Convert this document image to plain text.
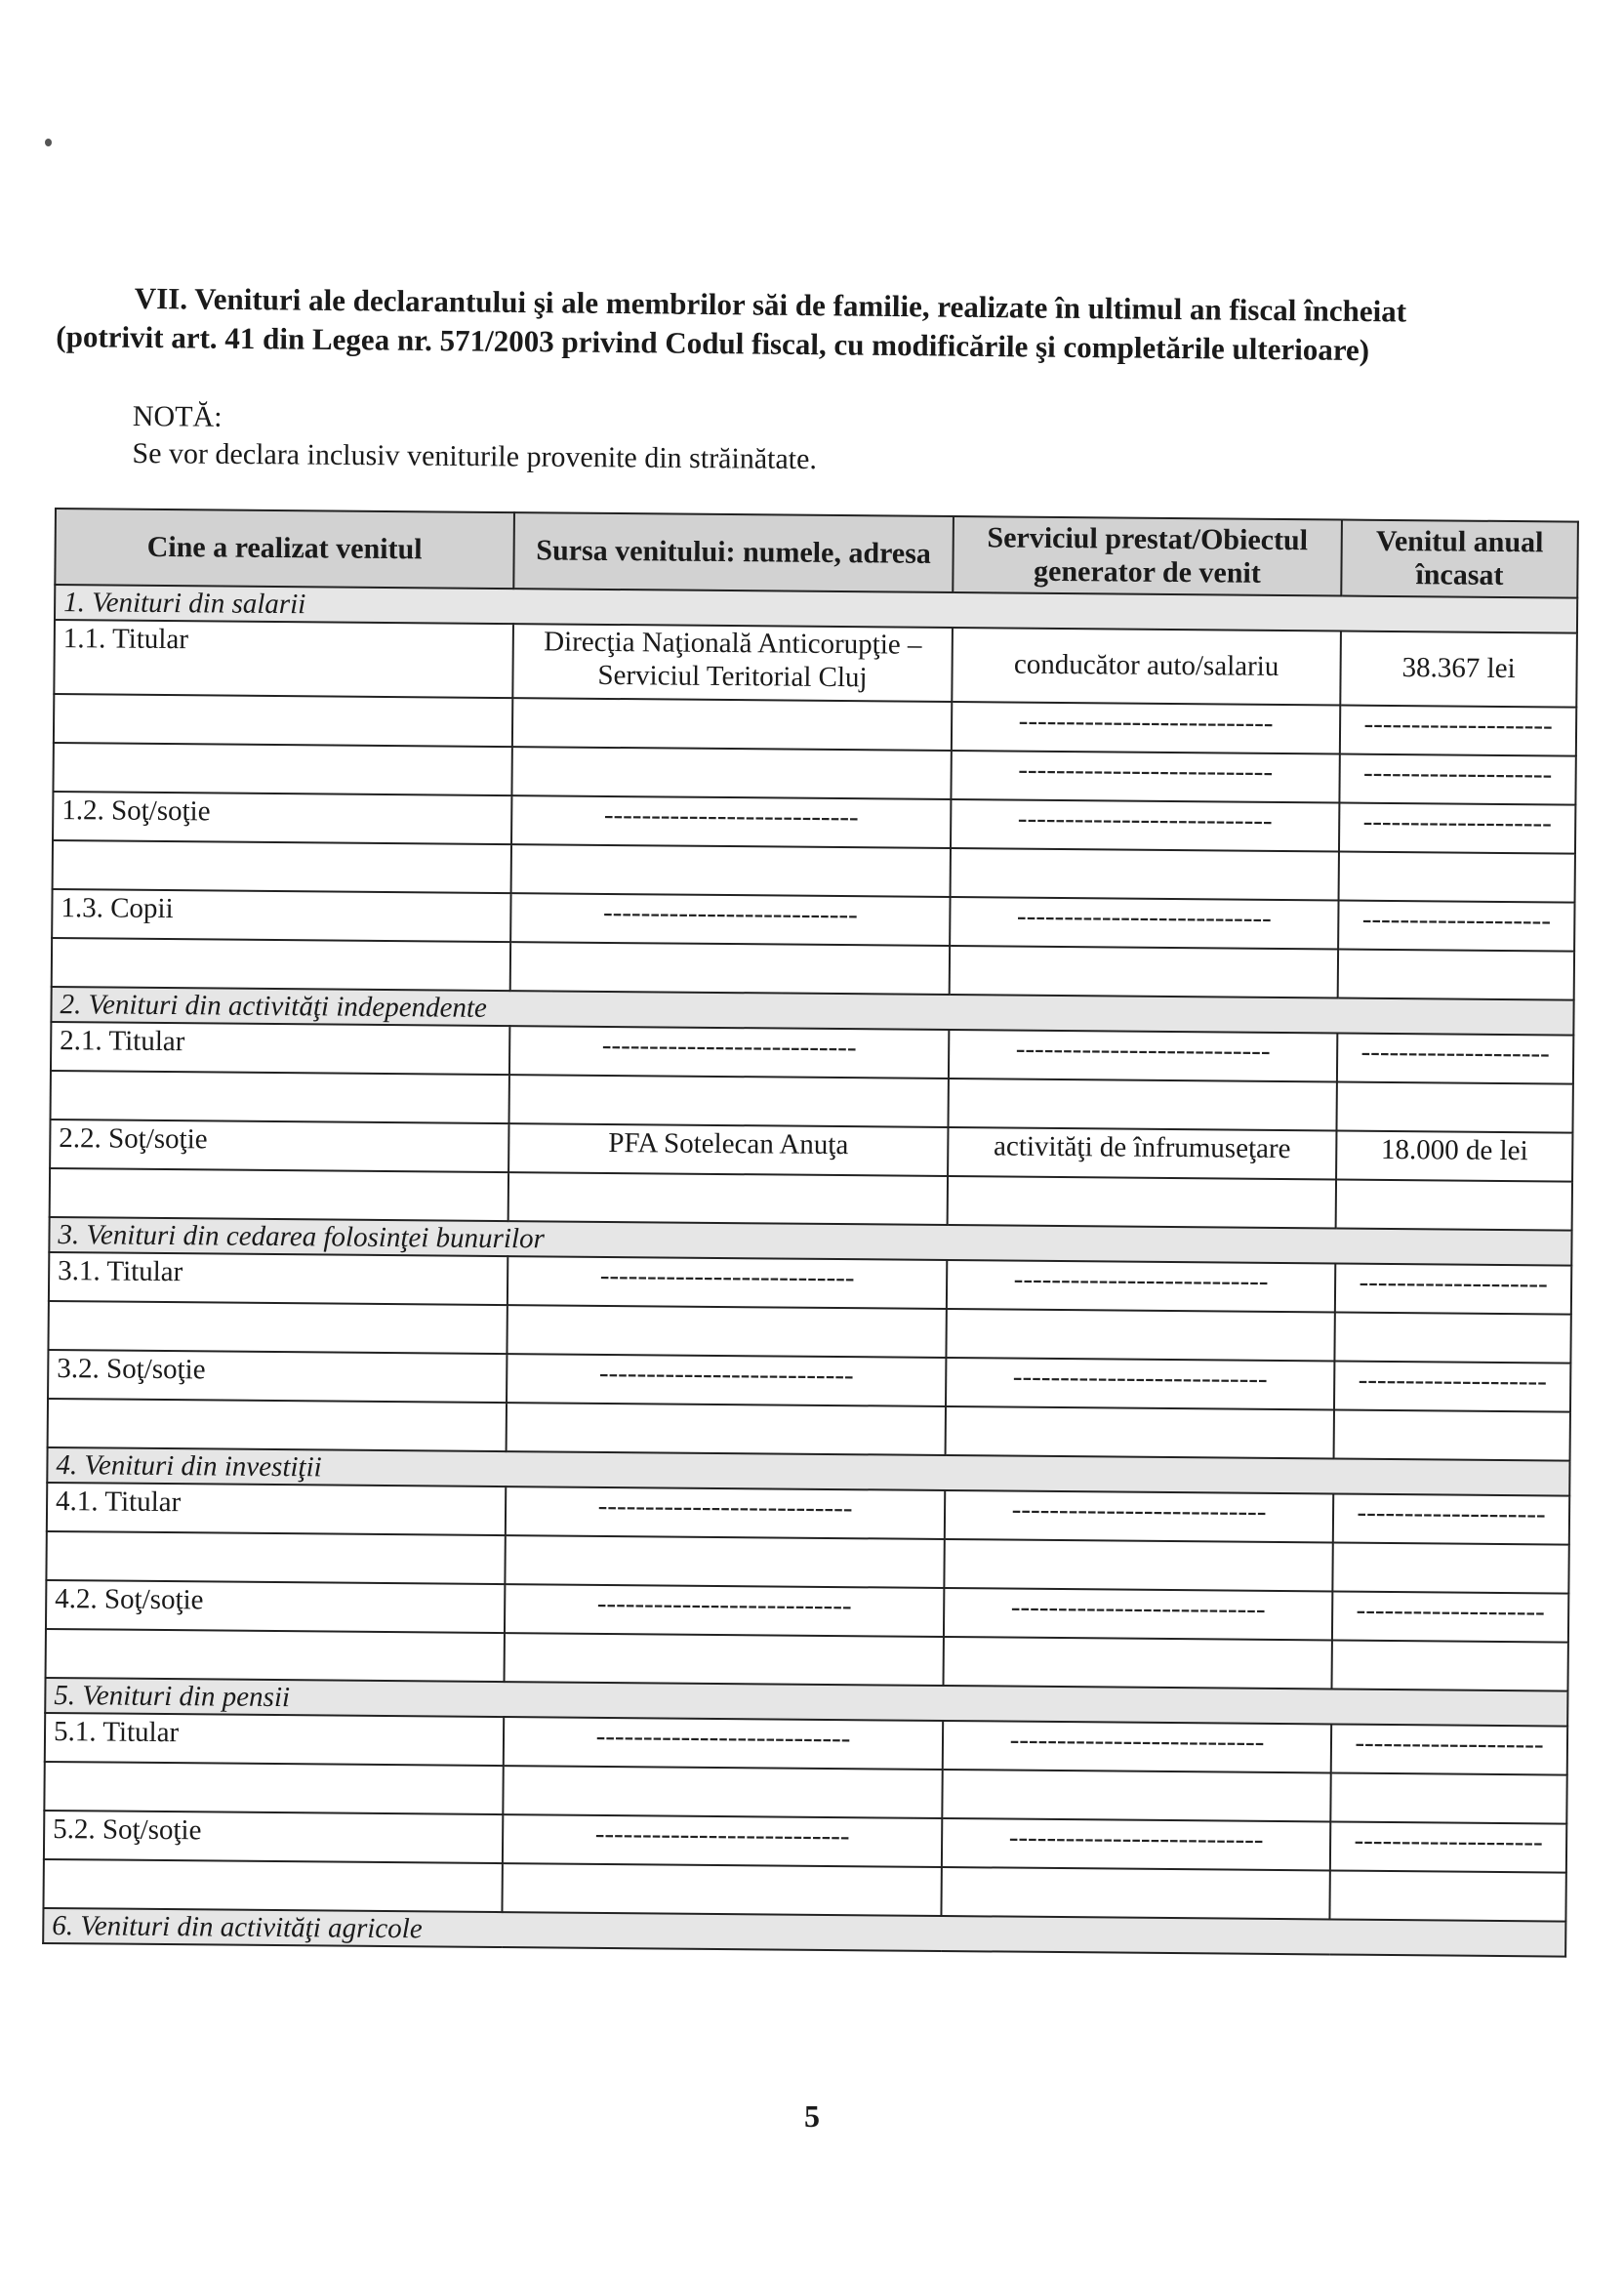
VII. Venituri ale declarantului şi ale membrilor săi de familie, realizate în ultimul an fiscal încheiat
(potrivit art. 41 din Legea nr. 571/2003 privind Codul fiscal, cu modificările şi completările ulterioare)
NOTĂ:
Se vor declara inclusiv veniturile provenite din străinătate.
Cine a realizat venitul	Sursa venitului: numele, adresa	Serviciul prestat/Obiectul generator de venit	Venitul anual încasat
1. Venituri din salarii			
1.1. Titular	Direcţia Naţională Anticorupţie – Serviciul Teritorial Cluj	conducător auto/salariu	38.367 lei
		---------------------------	--------------------
		---------------------------	--------------------
1.2. Soţ/soţie	---------------------------	---------------------------	--------------------

1.3. Copii	---------------------------	---------------------------	--------------------

2. Venituri din activităţi independente			
2.1. Titular	---------------------------	---------------------------	--------------------

2.2. Soţ/soţie	PFA Sotelecan Anuţa	activităţi de înfrumuseţare	18.000 de lei

3. Venituri din cedarea folosinţei bunurilor			
3.1. Titular	---------------------------	---------------------------	--------------------

3.2. Soţ/soţie	---------------------------	---------------------------	--------------------

4. Venituri din investiţii			
4.1. Titular	---------------------------	---------------------------	--------------------

4.2. Soţ/soţie	---------------------------	---------------------------	--------------------

5. Venituri din pensii			
5.1. Titular	---------------------------	---------------------------	--------------------

5.2. Soţ/soţie	---------------------------	---------------------------	--------------------

6. Venituri din activităţi agricole			
5
